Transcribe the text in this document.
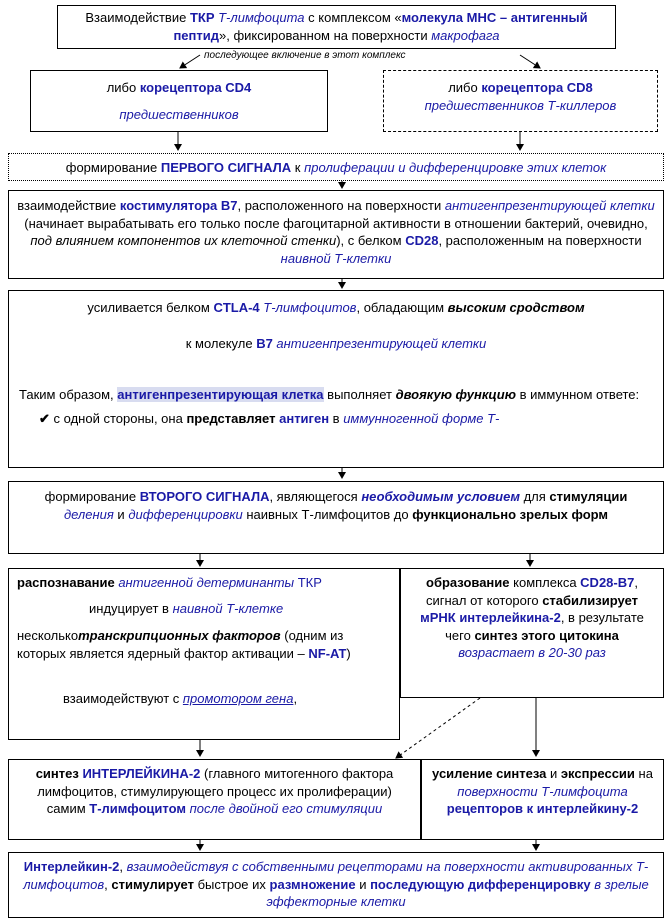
Взаимодействие ТКР Т-лимфоцита с комплексом «молекула МНС – антигенный пептид», фиксированном на поверхности макрофага
последующее включение в этот комплекс

либо корецептора CD4

предшественников

либо корецептора CD8

предшественников Т-киллеров

формирование ПЕРВОГО СИГНАЛА к пролиферации и дифференцировке этих клеток
взаимодействие костимулятора В7, расположенного на поверхности антигенпрезентирующей клетки (начинает вырабатывать его только после фагоцитарной активности в отношении бактерий, очевидно, под влиянием компонентов их клеточной стенки), с белком CD28, расположенным на поверхности наивной Т-клетки

усиливается белком CTLA-4 Т-лимфоцитов, обладающим высоким сродством

к молекуле В7 антигенпрезентирующей клетки

Таким образом, антигенпрезентирующая клетка выполняет двоякую функцию в иммунном ответе:

✔ с одной стороны, она представляет антиген в иммунногенной форме Т-

формирование ВТОРОГО СИГНАЛА, являющегося необходимым условием для стимуляции деления и дифференцировки наивных Т-лимфоцитов до функционально зрелых форм

распознавание антигенной детерминанты ТКР

индуцирует в наивной Т-клетке

несколькотранскрипционных факторов (одним из которых является ядерный фактор активации – NF-AT)

взаимодействуют с промотором гена,

образование комплекса CD28-В7, сигнал от которого стабилизирует мРНК интерлейкина-2, в результате чего синтез этого цитокина возрастает в 20-30 раз
синтез ИНТЕРЛЕЙКИНА-2 (главного митогенного фактора лимфоцитов, стимулирующего процесс их пролиферации) самим Т-лимфоцитом после двойной его стимуляции
усиление синтеза и экспрессии на поверхности Т-лимфоцита рецепторов к интерлейкину-2
Интерлейкин-2, взаимодействуя с собственными рецепторами на поверхности активированных Т-лимфоцитов, стимулирует быстрое их размножение и последующую дифференцировку в зрелые эффекторные клетки
